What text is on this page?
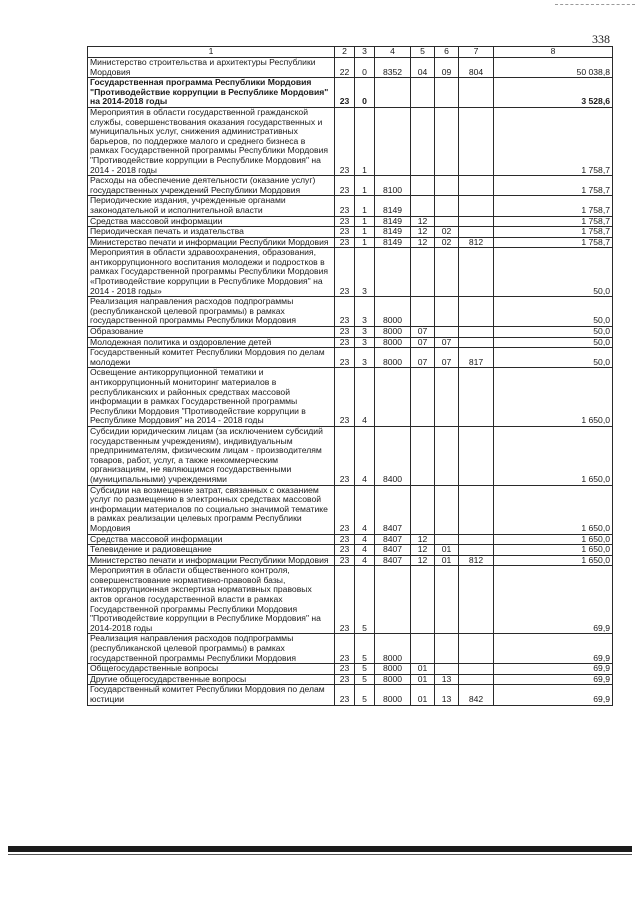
338
1	2	3	4	5	6	7	8
Министерство строительства и архитектуры Республики Мордовия	22	0	8352	04	09	804	50 038,8
Государственная программа Республики Мордовия "Противодействие коррупции в Республике Мордовия" на 2014-2018 годы	23	0					3 528,6
Мероприятия в области государственной гражданской службы, совершенствования оказания государственных и муниципальных услуг, снижения административных барьеров, по поддержке малого и среднего бизнеса в рамках Государственной программы Республики Мордовия "Противодействие коррупции в Республике Мордовия" на 2014 - 2018 годы	23	1					1 758,7
Расходы на обеспечение деятельности (оказание услуг) государственных учреждений Республики Мордовия	23	1	8100				1 758,7
Периодические издания, учрежденные органами законодательной и исполнительной власти	23	1	8149				1 758,7
Средства массовой информации	23	1	8149	12			1 758,7
Периодическая печать и издательства	23	1	8149	12	02		1 758,7
Министерство печати и информации Республики Мордовия	23	1	8149	12	02	812	1 758,7
Мероприятия в области здравоохранения, образования, антикоррупционного воспитания молодежи и подростков в рамках Государственной программы Республики Мордовия «Противодействие коррупции в Республике Мордовия" на 2014 - 2018 годы»	23	3					50,0
Реализация направления расходов подпрограммы (республиканской целевой программы) в рамках государственной программы Республики Мордовия	23	3	8000				50,0
Образование	23	3	8000	07			50,0
Молодежная политика и оздоровление детей	23	3	8000	07	07		50,0
Государственный комитет Республики Мордовия по делам молодежи	23	3	8000	07	07	817	50,0
Освещение антикоррупционной тематики и антикоррупционный мониторинг материалов в республиканских и районных средствах массовой информации в рамках Государственной программы Республики Мордовия "Противодействие коррупции в Республике Мордовия" на 2014 - 2018 годы	23	4					1 650,0
Субсидии юридическим лицам (за исключением субсидий государственным учреждениям), индивидуальным предпринимателям, физическим лицам - производителям товаров, работ, услуг, а также некоммерческим организациям, не являющимся государственными (муниципальными) учреждениями	23	4	8400				1 650,0
Субсидии на возмещение затрат, связанных с оказанием услуг по размещению в электронных средствах массовой информации материалов по социально значимой тематике в рамках реализации целевых программ Республики Мордовия	23	4	8407				1 650,0
Средства массовой информации	23	4	8407	12			1 650,0
Телевидение и радиовещание	23	4	8407	12	01		1 650,0
Министерство печати и информации Республики Мордовия	23	4	8407	12	01	812	1 650,0
Мероприятия в области общественного контроля, совершенствование нормативно-правовой базы, антикоррупционная экспертиза нормативных правовых актов органов государственной власти в рамках Государственной программы Республики Мордовия "Противодействие коррупции в Республике Мордовия" на 2014-2018 годы	23	5					69,9
Реализация направления расходов подпрограммы (республиканской целевой программы) в рамках государственной программы Республики Мордовия	23	5	8000				69,9
Общегосударственные вопросы	23	5	8000	01			69,9
Другие общегосударственные вопросы	23	5	8000	01	13		69,9
Государственный комитет Республики Мордовия по делам юстиции	23	5	8000	01	13	842	69,9
